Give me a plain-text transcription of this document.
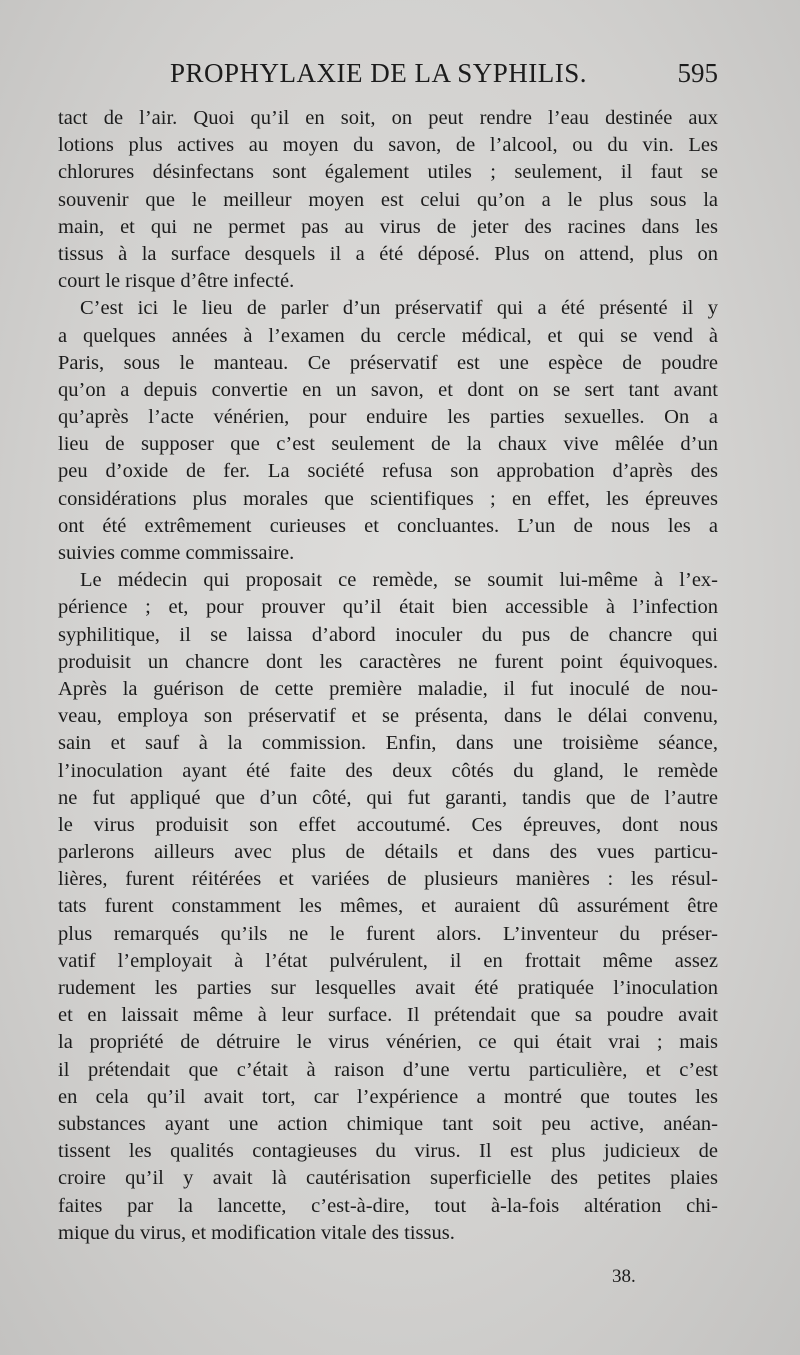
PROPHYLAXIE DE LA SYPHILIS.	595
tact de l’air. Quoi qu’il en soit, on peut rendre l’eau destinée aux
lotions plus actives au moyen du savon, de l’alcool, ou du vin. Les
chlorures désinfectans sont également utiles ; seulement, il faut se
souvenir que le meilleur moyen est celui qu’on a le plus sous la
main, et qui ne permet pas au virus de jeter des racines dans les
tissus à la surface desquels il a été déposé. Plus on attend, plus on
court le risque d’être infecté.
C’est ici le lieu de parler d’un préservatif qui a été présenté il y
a quelques années à l’examen du cercle médical, et qui se vend à
Paris, sous le manteau. Ce préservatif est une espèce de poudre
qu’on a depuis convertie en un savon, et dont on se sert tant avant
qu’après l’acte vénérien, pour enduire les parties sexuelles. On a
lieu de supposer que c’est seulement de la chaux vive mêlée d’un
peu d’oxide de fer. La société refusa son approbation d’après des
considérations plus morales que scientifiques ; en effet, les épreuves
ont été extrêmement curieuses et concluantes. L’un de nous les a
suivies comme commissaire.
Le médecin qui proposait ce remède, se soumit lui-même à l’ex-
périence ; et, pour prouver qu’il était bien accessible à l’infection
syphilitique, il se laissa d’abord inoculer du pus de chancre qui
produisit un chancre dont les caractères ne furent point équivoques.
Après la guérison de cette première maladie, il fut inoculé de nou-
veau, employa son préservatif et se présenta, dans le délai convenu,
sain et sauf à la commission. Enfin, dans une troisième séance,
l’inoculation ayant été faite des deux côtés du gland, le remède
ne fut appliqué que d’un côté, qui fut garanti, tandis que de l’autre
le virus produisit son effet accoutumé. Ces épreuves, dont nous
parlerons ailleurs avec plus de détails et dans des vues particu-
lières, furent réitérées et variées de plusieurs manières : les résul-
tats furent constamment les mêmes, et auraient dû assurément être
plus remarqués qu’ils ne le furent alors. L’inventeur du préser-
vatif l’employait à l’état pulvérulent, il en frottait même assez
rudement les parties sur lesquelles avait été pratiquée l’inoculation
et en laissait même à leur surface. Il prétendait que sa poudre avait
la propriété de détruire le virus vénérien, ce qui était vrai ; mais
il prétendait que c’était à raison d’une vertu particulière, et c’est
en cela qu’il avait tort, car l’expérience a montré que toutes les
substances ayant une action chimique tant soit peu active, anéan-
tissent les qualités contagieuses du virus. Il est plus judicieux de
croire qu’il y avait là cautérisation superficielle des petites plaies
faites par la lancette, c’est-à-dire, tout à-la-fois altération chi-
mique du virus, et modification vitale des tissus.
38.
